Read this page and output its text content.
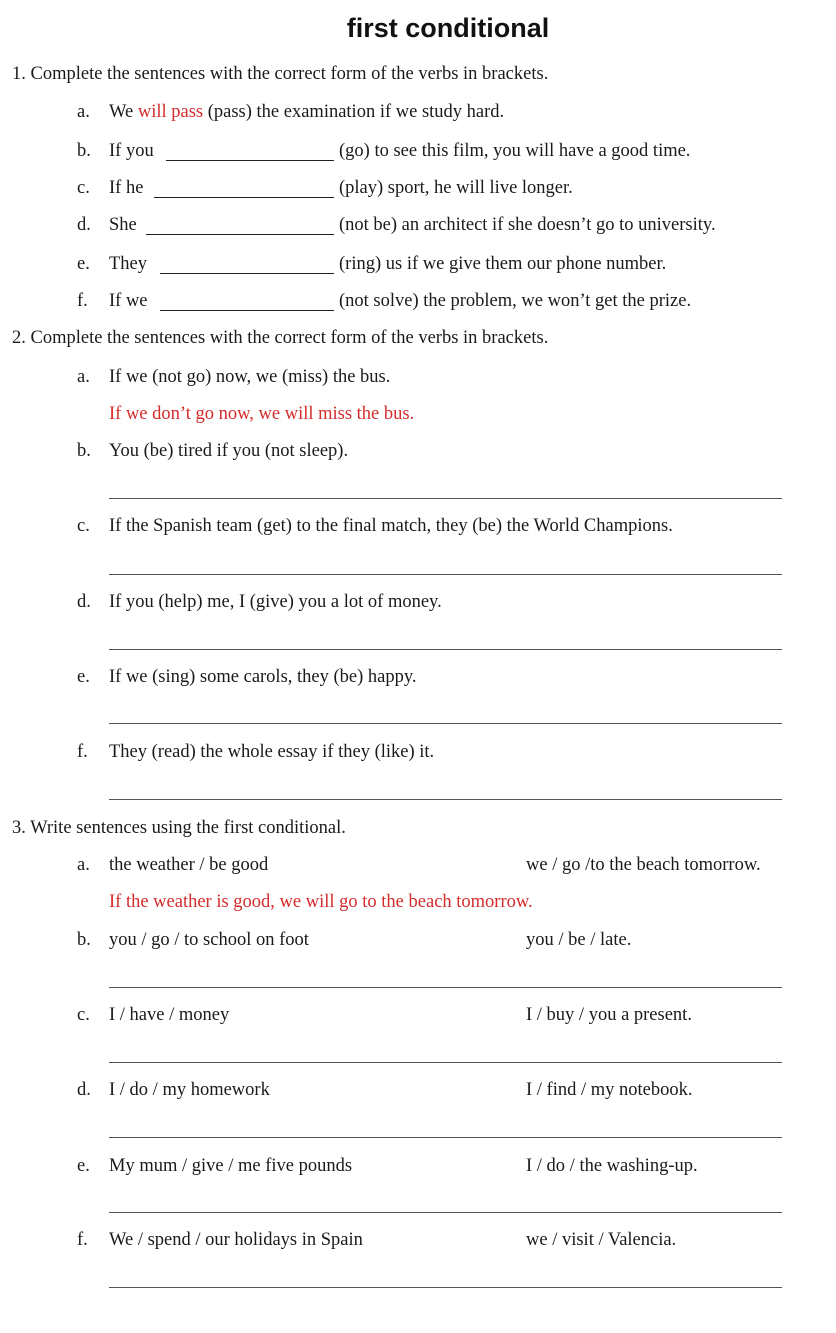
first conditional
1. Complete the sentences with the correct form of the verbs in brackets.
a. We will pass (pass) the examination if we study hard.
b. If you	(go) to see this film, you will have a good time.
c. If he	(play) sport, he will live longer.
d. She	(not be) an architect if she doesn’t go to university.
e. They	(ring) us if we give them our phone number.
f. If we	(not solve) the problem, we won’t get the prize.
2. Complete the sentences with the correct form of the verbs in brackets.
a. If we (not go) now, we (miss) the bus.
If we don’t go now, we will miss the bus.
b. You (be) tired if you (not sleep).
c. If the Spanish team (get) to the final match, they (be) the World Champions.
d. If you (help) me, I (give) you a lot of money.
e. If we (sing) some carols, they (be) happy.
f. They (read) the whole essay if they (like) it.
3. Write sentences using the first conditional.
a. the weather / be good	we / go /to the beach tomorrow.
If the weather is good, we will go to the beach tomorrow.
b. you / go / to school on foot	you / be / late.
c. I / have / money	I / buy / you a present.
d. I / do / my homework	I / find / my notebook.
e. My mum / give / me five pounds	I / do / the washing-up.
f. We / spend / our holidays in Spain	we / visit / Valencia.
